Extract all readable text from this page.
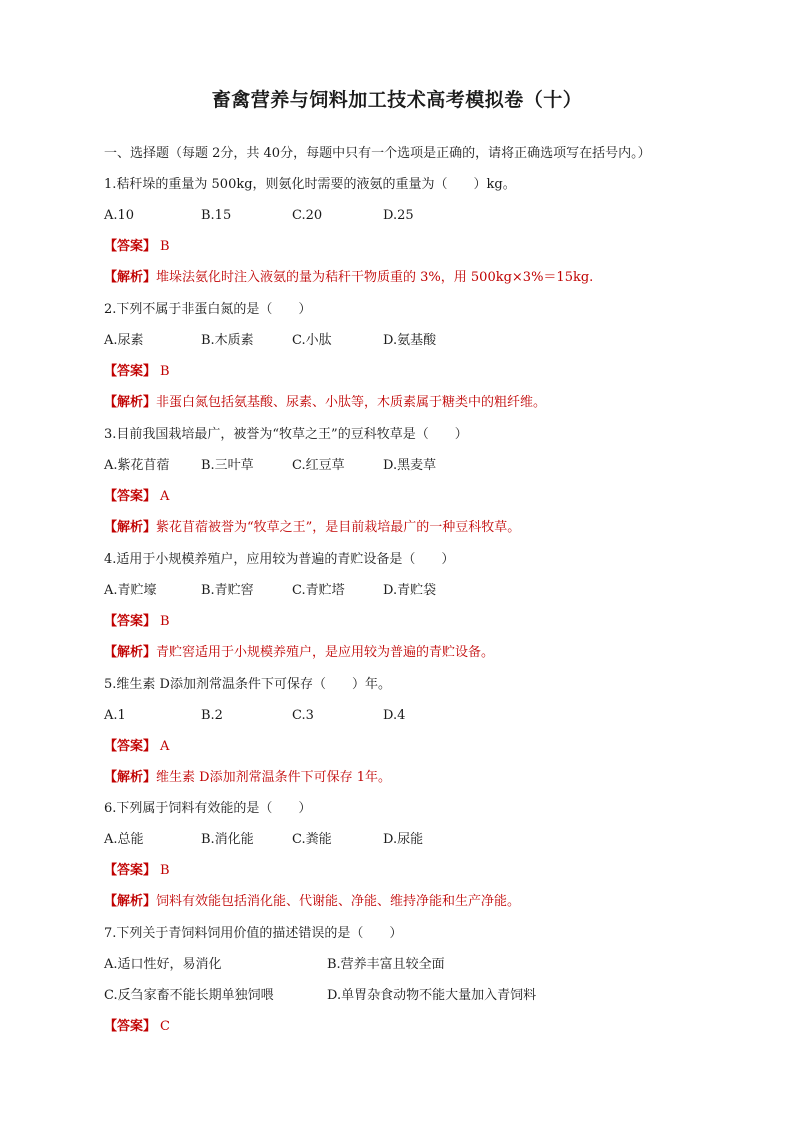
畜禽营养与饲料加工技术高考模拟卷（十）
一、选择题（每题 2分，共 40分，每题中只有一个选项是正确的，请将正确选项写在括号内。）
1.秸秆垛的重量为 500kg，则氨化时需要的液氨的重量为（　　）kg。
A.10	B.15	C.20	D.25
【答案】 B
【解析】堆垛法氨化时注入液氨的量为秸秆干物质重的 3%，用 500kg×3%＝15kg.
2.下列不属于非蛋白氮的是（　　）
A.尿素	B.木质素	C.小肽	D.氨基酸
【答案】 B
【解析】非蛋白氮包括氨基酸、尿素、小肽等，木质素属于糖类中的粗纤维。
3.目前我国栽培最广，被誉为“牧草之王”的豆科牧草是（　　）
A.紫花苜蓿 B.三叶草	C.红豆草	D.黑麦草
【答案】 A
【解析】紫花苜蓿被誉为“牧草之王”，是目前栽培最广的一种豆科牧草。
4.适用于小规模养殖户，应用较为普遍的青贮设备是（　　）
A.青贮壕	B.青贮窖	C.青贮塔	D.青贮袋
【答案】 B
【解析】青贮窖适用于小规模养殖户，是应用较为普遍的青贮设备。
5.维生素 D添加剂常温条件下可保存（　　）年。
A.1	B.2	C.3	D.4
【答案】 A
【解析】维生素 D添加剂常温条件下可保存 1年。
6.下列属于饲料有效能的是（　　）
A.总能	B.消化能	C.粪能	D.尿能
【答案】 B
【解析】饲料有效能包括消化能、代谢能、净能、维持净能和生产净能。
7.下列关于青饲料饲用价值的描述错误的是（　　）
A.适口性好，易消化	B.营养丰富且较全面
C.反刍家畜不能长期单独饲喂	D.单胃杂食动物不能大量加入青饲料
【答案】 C
